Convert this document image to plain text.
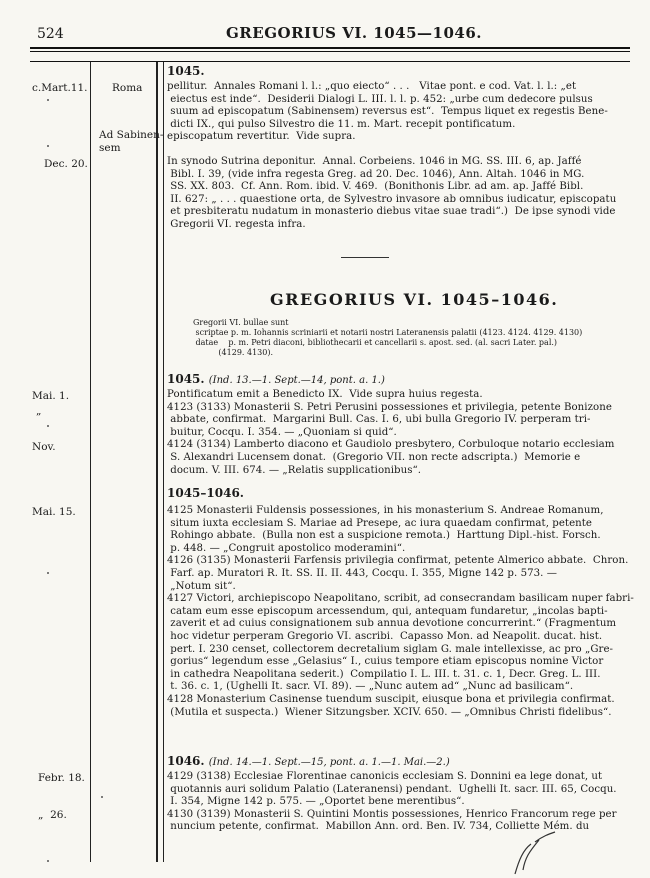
524	GREGORIUS VI. 1045—1046.
c.Mart.11.	Roma
Ad Sabinen-
sem
Dec. 20.
Mai. 1.
„
Nov.
Mai. 15.
Febr. 18.
„  26.
1045.
pellitur.  Annales Romani l. l.: „quo eiecto“ . . .   Vitae pont. e cod. Vat. l. l.: „et
eiectus est inde“.  Desiderii Dialogi L. III. l. l. p. 452: „urbe cum dedecore pulsus
suum ad episcopatum (Sabinensem) reversus est“.  Tempus liquet ex regestis Bene-
dicti IX., qui pulso Silvestro die 11. m. Mart. recepit pontificatum.
episcopatum revertitur.  Vide supra.
In synodo Sutrina deponitur.  Annal. Corbeiens. 1046 in MG. SS. III. 6, ap. Jaffé
Bibl. I. 39, (vide infra regesta Greg. ad 20. Dec. 1046), Ann. Altah. 1046 in MG.
SS. XX. 803.  Cf. Ann. Rom. ibid. V. 469.  (Bonithonis Libr. ad am. ap. Jaffé Bibl.
II. 627: „ . . . quaestione orta, de Sylvestro invasore ab omnibus iudicatur, episcopatu
et presbiteratu nudatum in monasterio diebus vitae suae tradi“.)  De ipse synodi vide
Gregorii VI. regesta infra.
GREGORIUS VI. 1045–1046.
Gregorii VI. bullae sunt
scriptae p. m. Iohannis scriniarii et notarii nostri Lateranensis palatii (4123. 4124. 4129. 4130)
datae    p. m. Petri diaconi, bibliothecarii et cancellarii s. apost. sed. (al. sacri Later. pal.)
(4129. 4130).
1045. (Ind. 13.—1. Sept.—14, pont. a. 1.)
Pontificatum emit a Benedicto IX.  Vide supra huius regesta.
4123 (3133) Monasterii S. Petri Perusini possessiones et privilegia, petente Bonizone
abbate, confirmat.  Margarini Bull. Cas. I. 6, ubi bulla Gregorio IV. perperam tri-
buitur, Cocqu. I. 354. — „Quoniam si quid“.
4124 (3134) Lamberto diacono et Gaudiolo presbytero, Corbuloque notario ecclesiam
S. Alexandri Lucensem donat.  (Gregorio VII. non recte adscripta.)  Memorie e
docum. V. III. 674. — „Relatis supplicationibus“.
1045–1046.
4125 Monasterii Fuldensis possessiones, in his monasterium S. Andreae Romanum,
situm iuxta ecclesiam S. Mariae ad Presepe, ac iura quaedam confirmat, petente
Rohingo abbate.  (Bulla non est a suspicione remota.)  Harttung Dipl.-hist. Forsch.
p. 448. — „Congruit apostolico moderamini“.
4126 (3135) Monasterii Farfensis privilegia confirmat, petente Almerico abbate.  Chron.
Farf. ap. Muratori R. It. SS. II. II. 443, Cocqu. I. 355, Migne 142 p. 573. —
„Notum sit“.
4127 Victori, archiepiscopo Neapolitano, scribit, ad consecrandam basilicam nuper fabri-
catam eum esse episcopum arcessendum, qui, antequam fundaretur, „incolas bapti-
zaverit et ad cuius consignationem sub annua devotione concurrerint.“ (Fragmentum
hoc videtur perperam Gregorio VI. ascribi.  Capasso Mon. ad Neapolit. ducat. hist.
pert. I. 230 censet, collectorem decretalium siglam G. male intellexisse, ac pro „Gre-
gorius“ legendum esse „Gelasius“ I., cuius tempore etiam episcopus nomine Victor
in cathedra Neapolitana sederit.)  Compilatio I. L. III. t. 31. c. 1, Decr. Greg. L. III.
t. 36. c. 1, (Ughelli It. sacr. VI. 89). — „Nunc autem ad“ „Nunc ad basilicam“.
4128 Monasterium Casinense tuendum suscipit, eiusque bona et privilegia confirmat.
(Mutila et suspecta.)  Wiener Sitzungsber. XCIV. 650. — „Omnibus Christi fidelibus“.
1046. (Ind. 14.—1. Sept.—15, pont. a. 1.—1. Mai.—2.)
4129 (3138) Ecclesiae Florentinae canonicis ecclesiam S. Donnini ea lege donat, ut
quotannis auri solidum Palatio (Lateranensi) pendant.  Ughelli It. sacr. III. 65, Cocqu.
I. 354, Migne 142 p. 575. — „Oportet bene merentibus“.
4130 (3139) Monasterii S. Quintini Montis possessiones, Henrico Francorum rege per
nuncium petente, confirmat.  Mabillon Ann. ord. Ben. IV. 734, Colliette Mém. du
